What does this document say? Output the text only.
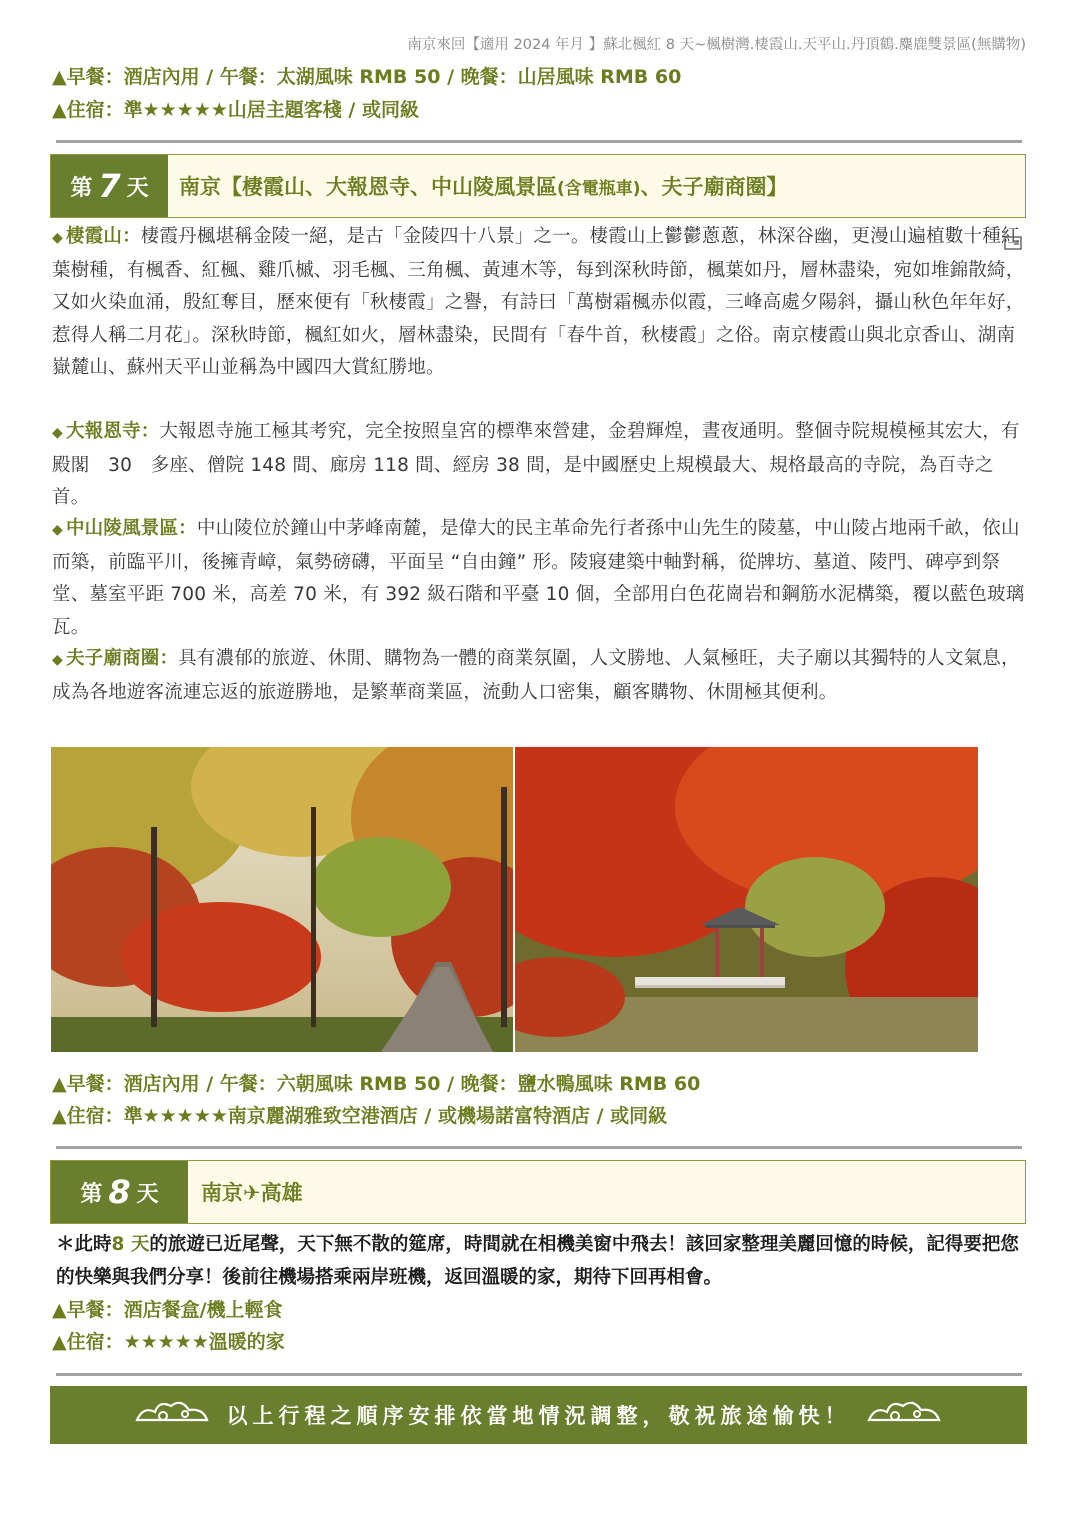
南京來回【適用 2024 年月 】蘇北楓紅 8 天~楓樹灣.棲霞山.天平山.丹頂鶴.麋鹿雙景區(無購物)
▲早餐：酒店內用 / 午餐：太湖風味 RMB 50 / 晚餐：山居風味 RMB 60
▲住宿：準★★★★★山居主題客棧 / 或同級
第 7 天 南京【棲霞山、大報恩寺、中山陵風景區 (含電瓶車) 、夫子廟商圈】
◆ 棲霞山：棲霞丹楓堪稱金陵一絕，是古「金陵四十八景」之一。棲霞山上鬱鬱蔥蔥，林深谷幽，更漫山遍植數十種紅葉樹種，有楓香、紅楓、雞爪槭、羽毛楓、三角楓、黃連木等，每到深秋時節，楓葉如丹，層林盡染，宛如堆錦散綺，又如火染血涌，殷紅奪目，歷來便有「秋棲霞」之譽，有詩曰「萬樹霜楓赤似霞，三峰高處夕陽斜，攝山秋色年年好，惹得人稱二月花」。深秋時節，楓紅如火，層林盡染，民間有「春牛首，秋棲霞」之俗。南京棲霞山與北京香山、湖南嶽麓山、蘇州天平山並稱為中國四大賞紅勝地。
◆ 大報恩寺：大報恩寺施工極其考究，完全按照皇宮的標準來營建，金碧輝煌，晝夜通明。整個寺院規模極其宏大，有殿閣　30　多座、僧院 148 間、廊房 118 間、經房 38 間，是中國歷史上規模最大、規格最高的寺院，為百寺之首。
◆ 中山陵風景區：中山陵位於鐘山中茅峰南麓，是偉大的民主革命先行者孫中山先生的陵墓，中山陵占地兩千畝，依山而築，前臨平川，後擁青嶂，氣勢磅礴，平面呈 “自由鐘” 形。陵寢建築中軸對稱，從牌坊、墓道、陵門、碑亭到祭堂、墓室平距 700 米，高差 70 米，有 392 級石階和平臺 10 個，全部用白色花崗岩和鋼筋水泥構築，覆以藍色玻璃瓦。
◆ 夫子廟商圈：具有濃郁的旅遊、休閒、購物為一體的商業氛圍，人文勝地、人氣極旺，夫子廟以其獨特的人文氣息，成為各地遊客流連忘返的旅遊勝地，是繁華商業區，流動人口密集，顧客購物、休閒極其便利。
▲早餐：酒店內用 / 午餐：六朝風味 RMB 50 / 晚餐：鹽水鴨風味 RMB 60
▲住宿：準★★★★★南京麗湖雅致空港酒店 / 或機場諾富特酒店 / 或同級
第 8 天 南京✈高雄
＊此時8 天的旅遊已近尾聲，天下無不散的筵席，時間就在相機美窗中飛去！該回家整理美麗回憶的時候，記得要把您的快樂與我們分享！後前往機場搭乘兩岸班機，返回溫暖的家，期待下回再相會。
▲早餐：酒店餐盒/機上輕食
▲住宿：★★★★★溫暖的家
以上行程之順序安排依當地情況調整，敬祝旅途愉快！
